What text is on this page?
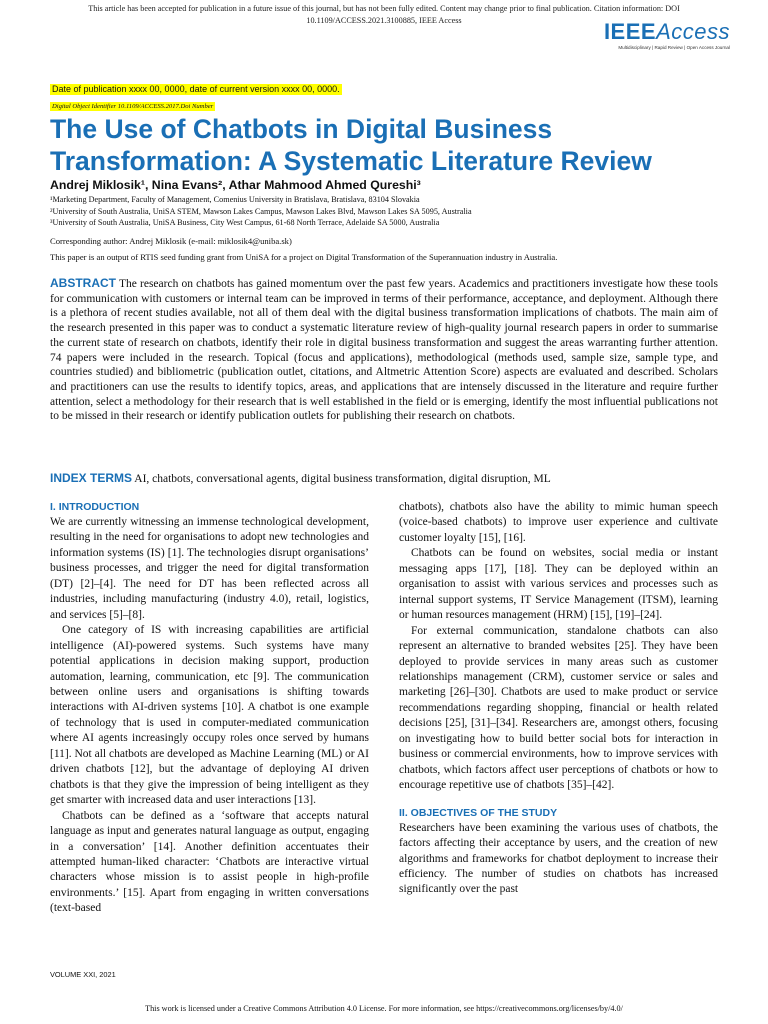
This article has been accepted for publication in a future issue of this journal, but has not been fully edited. Content may change prior to final publication. Citation information: DOI
10.1109/ACCESS.2021.3100885, IEEE Access	IEEEAccess
Multidisciplinary | Rapid Review | Open Access Journal
Date of publication xxxx 00, 0000, date of current version xxxx 00, 0000.
Digital Object Identifier 10.1109/ACCESS.2017.Doi Number
The Use of Chatbots in Digital Business
Transformation: A Systematic Literature Review
Andrej Miklosik¹, Nina Evans², Athar Mahmood Ahmed Qureshi³
¹Marketing Department, Faculty of Management, Comenius University in Bratislava, Bratislava, 83104 Slovakia
²University of South Australia, UniSA STEM, Mawson Lakes Campus, Mawson Lakes Blvd, Mawson Lakes SA 5095, Australia
³University of South Australia, UniSA Business, City West Campus, 61-68 North Terrace, Adelaide SA 5000, Australia
Corresponding author: Andrej Miklosik (e-mail: miklosik4@uniba.sk)
This paper is an output of RTIS seed funding grant from UniSA for a project on Digital Transformation of the Superannuation industry in Australia.

ABSTRACT The research on chatbots has gained momentum over the past few years. Academics and practitioners investigate how these tools for communication with customers or internal team can be improved in terms of their performance, acceptance, and deployment. Although there is a plethora of recent studies available, not all of them deal with the digital business transformation implications of chatbots. The main aim of the research presented in this paper was to conduct a systematic literature review of high-quality journal research papers in order to summarise the current state of research on chatbots, identify their role in digital business transformation and suggest the areas warranting further attention. 74 papers were included in the research. Topical (focus and applications), methodological (methods used, sample size, sample type, and countries studied) and bibliometric (publication outlet, citations, and Altmetric Attention Score) aspects are evaluated and described. Scholars and practitioners can use the results to identify topics, areas, and applications that are intensely discussed in the literature and require further attention, select a methodology for their research that is well established in the field or is emerging, identify the most influential publications not to be missed in their research or identify publication outlets for publishing their research on chatbots.

INDEX TERMS AI, chatbots, conversational agents, digital business transformation, digital disruption, ML
I. INTRODUCTION

We are currently witnessing an immense technological development, resulting in the need for organisations to adopt new technologies and information systems (IS) [1]. The technologies disrupt organisations’ business processes, and trigger the need for digital transformation (DT) [2]–[4]. The need for DT has been reflected across all industries, including manufacturing (industry 4.0), retail, logistics, and services [5]–[8].

One category of IS with increasing capabilities are artificial intelligence (AI)-powered systems. Such systems have many potential applications in decision making support, production automation, learning, communication, etc [9]. The communication between online users and organisations is shifting towards interactions with AI-driven systems [10]. A chatbot is one example of technology that is used in computer-mediated communication where AI agents increasingly occupy roles once served by humans [11]. Not all chatbots are developed as Machine Learning (ML) or AI driven chatbots [12], but the advantage of deploying AI driven chatbots is that they give the impression of being intelligent as they get smarter with increased data and user interactions [13].

Chatbots can be defined as a ‘software that accepts natural language as input and generates natural language as output, engaging in a conversation’ [14]. Another definition accentuates their attempted human-liked character: ‘Chatbots are interactive virtual characters whose mission is to assist people in high-profile environments.’ [15]. Apart from engaging in written conversations (text-based

chatbots), chatbots also have the ability to mimic human speech (voice-based chatbots) to improve user experience and cultivate customer loyalty [15], [16].

Chatbots can be found on websites, social media or instant messaging apps [17], [18]. They can be deployed within an organisation to assist with various services and processes such as internal support systems, IT Service Management (ITSM), learning or human resources management (HRM) [15], [19]–[24].

For external communication, standalone chatbots can also represent an alternative to branded websites [25]. They have been deployed to provide services in many areas such as customer relationships management (CRM), customer service or sales and marketing [26]–[30]. Chatbots are used to make product or service recommendations regarding shopping, financial or health related decisions [25], [31]–[34]. Researchers are, amongst others, focusing on investigating how to build better social bots for interaction in business or commercial environments, how to improve services with chatbots, which factors affect user perceptions of chatbots or how to encourage repetitive use of chatbots [35]–[42].

II. OBJECTIVES OF THE STUDY

Researchers have been examining the various uses of chatbots, the factors affecting their acceptance by users, and the creation of new algorithms and frameworks for chatbot deployment to increase their efficiency. The number of studies on chatbots has increased significantly over the past

VOLUME XXI, 2021
This work is licensed under a Creative Commons Attribution 4.0 License. For more information, see https://creativecommons.org/licenses/by/4.0/
